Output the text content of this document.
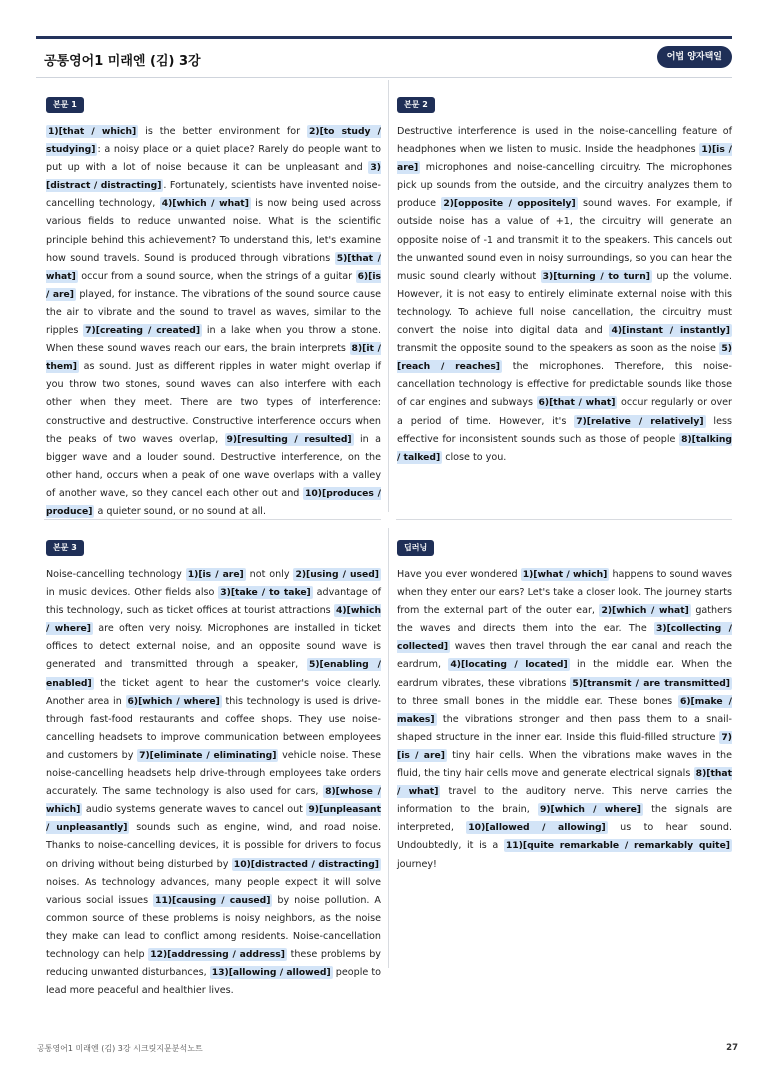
공통영어1 미래엔 (김) 3강	어법 양자택일
본문 1
1)[that / which] is the better environment for 2)[to study / studying] : a noisy place or a quiet place? Rarely do people want to put up with a lot of noise because it can be unpleasant and 3)[distract / distracting] . Fortunately, scientists have invented noise-cancelling technology, 4)[which / what] is now being used across various fields to reduce unwanted noise. What is the scientific principle behind this achievement? To understand this, let's examine how sound travels. Sound is produced through vibrations 5)[that / what] occur from a sound source, when the strings of a guitar 6)[is / are] played, for instance. The vibrations of the sound source cause the air to vibrate and the sound to travel as waves, similar to the ripples 7)[creating / created] in a lake when you throw a stone. When these sound waves reach our ears, the brain interprets 8)[it / them] as sound. Just as different ripples in water might overlap if you throw two stones, sound waves can also interfere with each other when they meet. There are two types of interference: constructive and destructive. Constructive interference occurs when the peaks of two waves overlap, 9)[resulting / resulted] in a bigger wave and a louder sound. Destructive interference, on the other hand, occurs when a peak of one wave overlaps with a valley of another wave, so they cancel each other out and 10)[produces / produce] a quieter sound, or no sound at all.
본문 2
Destructive interference is used in the noise-cancelling feature of headphones when we listen to music. Inside the headphones 1)[is / are] microphones and noise-cancelling circuitry. The microphones pick up sounds from the outside, and the circuitry analyzes them to produce 2)[opposite / oppositely] sound waves. For example, if outside noise has a value of +1, the circuitry will generate an opposite noise of -1 and transmit it to the speakers. This cancels out the unwanted sound even in noisy surroundings, so you can hear the music sound clearly without 3)[turning / to turn] up the volume. However, it is not easy to entirely eliminate external noise with this technology. To achieve full noise cancellation, the circuitry must convert the noise into digital data and 4)[instant / instantly] transmit the opposite sound to the speakers as soon as the noise 5)[reach / reaches] the microphones. Therefore, this noise-cancellation technology is effective for predictable sounds like those of car engines and subways 6)[that / what] occur regularly or over a period of time. However, it's 7)[relative / relatively] less effective for inconsistent sounds such as those of people 8)[talking / talked] close to you.
본문 3
Noise-cancelling technology 1)[is / are] not only 2)[using / used] in music devices. Other fields also 3)[take / to take] advantage of this technology, such as ticket offices at tourist attractions 4)[which / where] are often very noisy. Microphones are installed in ticket offices to detect external noise, and an opposite sound wave is generated and transmitted through a speaker, 5)[enabling / enabled] the ticket agent to hear the customer's voice clearly. Another area in 6)[which / where] this technology is used is drive-through fast-food restaurants and coffee shops. They use noise-cancelling headsets to improve communication between employees and customers by 7)[eliminate / eliminating] vehicle noise. These noise-cancelling headsets help drive-through employees take orders accurately. The same technology is also used for cars, 8)[whose / which] audio systems generate waves to cancel out 9)[unpleasant / unpleasantly] sounds such as engine, wind, and road noise. Thanks to noise-cancelling devices, it is possible for drivers to focus on driving without being disturbed by 10)[distracted / distracting] noises. As technology advances, many people expect it will solve various social issues 11)[causing / caused] by noise pollution. A common source of these problems is noisy neighbors, as the noise they make can lead to conflict among residents. Noise-cancellation technology can help 12)[addressing / address] these problems by reducing unwanted disturbances, 13)[allowing / allowed] people to lead more peaceful and healthier lives.
딥러닝
Have you ever wondered 1)[what / which] happens to sound waves when they enter our ears? Let's take a closer look. The journey starts from the external part of the outer ear, 2)[which / what] gathers the waves and directs them into the ear. The 3)[collecting / collected] waves then travel through the ear canal and reach the eardrum, 4)[locating / located] in the middle ear. When the eardrum vibrates, these vibrations 5)[transmit / are transmitted] to three small bones in the middle ear. These bones 6)[make / makes] the vibrations stronger and then pass them to a snail-shaped structure in the inner ear. Inside this fluid-filled structure 7)[is / are] tiny hair cells. When the vibrations make waves in the fluid, the tiny hair cells move and generate electrical signals 8)[that / what] travel to the auditory nerve. This nerve carries the information to the brain, 9)[which / where] the signals are interpreted, 10)[allowed / allowing] us to hear sound. Undoubtedly, it is a 11)[quite remarkable / remarkably quite] journey!
공통영어1 미래엔 (김) 3강 시크릿지문분석노트	27
